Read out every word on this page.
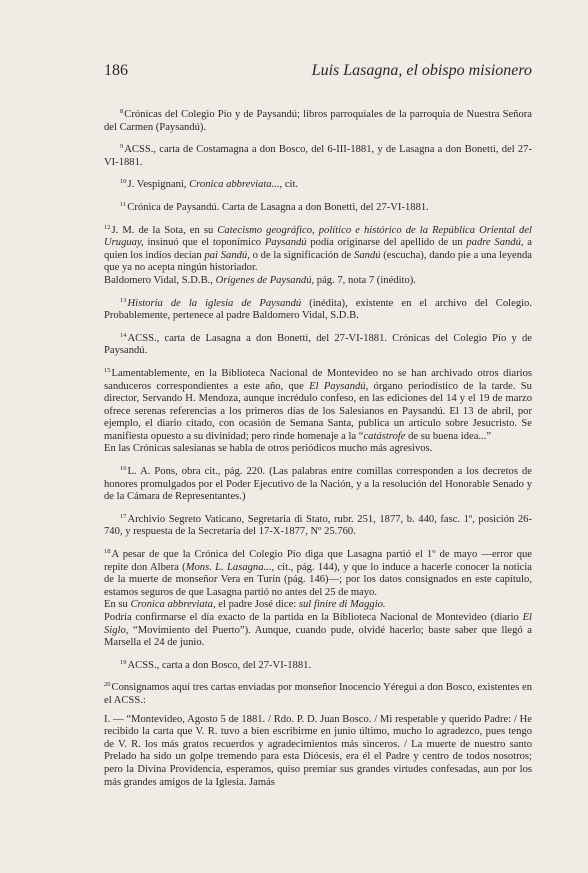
186	Luis Lasagna, el obispo misionero

$^8$Crónicas del Colegio Pío y de Paysandú; libros parroquiales de la parroquia de Nuestra Señora del Carmen (Paysandú).

$^9$ACSS., carta de Costamagna a don Bosco, del 6-III-1881, y de Lasagna a don Bonetti, del 27-VI-1881.

$^{10}$J. Vespignani, Cronica abbreviata..., cit.

$^{11}$Crónica de Paysandú. Carta de Lasagna a don Bonetti, del 27-VI-1881.

$^{12}$J. M. de la Sota, en su Catecismo geográfico, político e histórico de la República Oriental del Uruguay, insinuó que el toponímico Paysandú podía originarse del apellido de un padre Sandú, a quien los indios decían pai Sandú, o de la significación de Sandú (escucha), dando pie a una leyenda que ya no acepta ningún historiador.

Baldomero Vidal, S.D.B., Orígenes de Paysandú, pág. 7, nota 7 (inédito).

$^{13}$Historia de la iglesia de Paysandú (inédita), existente en el archivo del Colegio. Probablemente, pertenece al padre Baldomero Vidal, S.D.B.

$^{14}$ACSS., carta de Lasagna a don Bonetti, del 27-VI-1881. Crónicas del Colegio Pío y de Paysandú.

$^{15}$Lamentablemente, en la Biblioteca Nacional de Montevideo no se han archivado otros diarios sanduceros correspondientes a este año, que El Paysandú, órgano periodístico de la tarde. Su director, Servando H. Mendoza, aunque incrédulo confeso, en las ediciones del 14 y el 19 de marzo ofrece serenas referencias a los primeros días de los Salesianos en Paysandú. El 13 de abril, por ejemplo, el diario citado, con ocasión de Semana Santa, publica un artículo sobre Jesucristo. Se manifiesta opuesto a su divinidad; pero rinde homenaje a la “catástrofe de su buena idea...”

En las Crónicas salesianas se habla de otros periódicos mucho más agresivos.

$^{16}$L. A. Pons, obra cit., pág. 220. (Las palabras entre comillas corresponden a los decretos de honores promulgados por el Poder Ejecutivo de la Nación, y a la resolución del Honorable Senado y de la Cámara de Representantes.)

$^{17}$Archivio Segreto Vaticano, Segretaria di Stato, rubr. 251, 1877, b. 440, fasc. 1º, posición 26-740, y respuesta de la Secretaría del 17-X-1877, Nº 25.760.

$^{18}$A pesar de que la Crónica del Colegio Pío diga que Lasagna partió el 1º de mayo —error que repite don Albera (Mons. L. Lasagna..., cit., pág. 144), y que lo induce a hacerle conocer la noticia de la muerte de monseñor Vera en Turín (pág. 146)—; por los datos consignados en este capítulo, estamos seguros de que Lasagna partió no antes del 25 de mayo.

En su Cronica abbreviata, el padre José dice: sul finire di Maggio.

Podría confirmarse el día exacto de la partida en la Biblioteca Nacional de Montevideo (diario El Siglo, “Movimiento del Puerto”). Aunque, cuando pude, olvidé hacerlo; baste saber que llegó a Marsella el 24 de junio.

$^{19}$ACSS., carta a don Bosco, del 27-VI-1881.

$^{20}$Consignamos aquí tres cartas enviadas por monseñor Inocencio Yéregui a don Bosco, existentes en el ACSS.:

I. — “Montevideo, Agosto 5 de 1881. / Rdo. P. D. Juan Bosco. / Mi respetable y querido Padre: / He recibido la carta que V. R. tuvo a bien escribirme en junio último, mucho lo agradezco, pues tengo de V. R. los más gratos recuerdos y agradecimientos más sinceros. / La muerte de nuestro santo Prelado ha sido un golpe tremendo para esta Diócesis, era él el Padre y centro de todos nosotros; pero la Divina Providencia, esperamos, quiso premiar sus grandes virtudes confesadas, aun por los más grandes amigos de la Iglesia. Jamás
